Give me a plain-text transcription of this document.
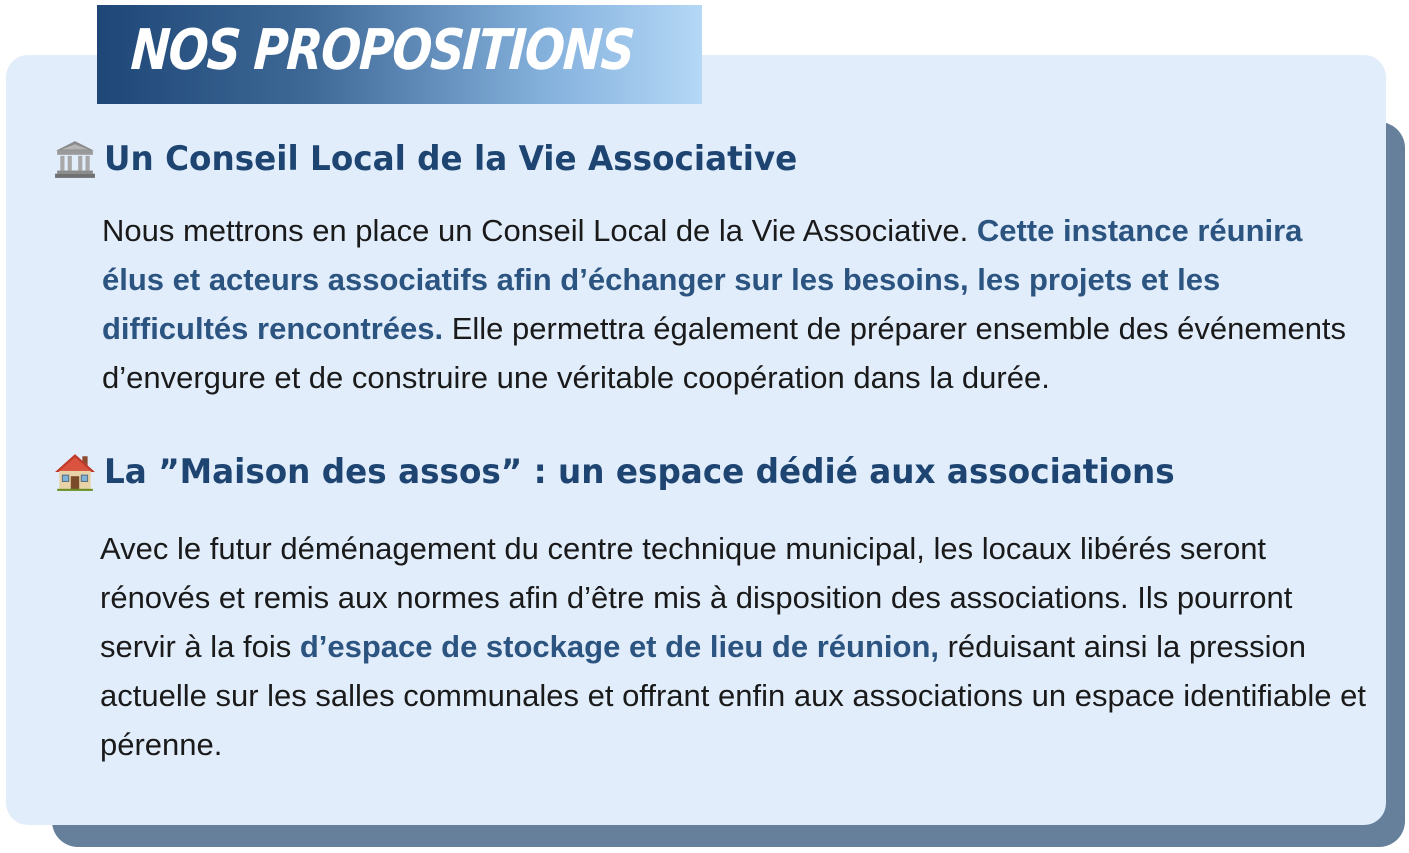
NOS PROPOSITIONS
Un Conseil Local de la Vie Associative

Nous mettrons en place un Conseil Local de la Vie Associative. Cette instance réunira élus et acteurs associatifs afin d’échanger sur les besoins, les projets et les difficultés rencontrées. Elle permettra également de préparer ensemble des événements d’envergure et de construire une véritable coopération dans la durée.

La ”Maison des assos” : un espace dédié aux associations

Avec le futur déménagement du centre technique municipal, les locaux libérés seront rénovés et remis aux normes afin d’être mis à disposition des associations. Ils pourront servir à la fois d’espace de stockage et de lieu de réunion, réduisant ainsi la pression actuelle sur les salles communales et offrant enfin aux associations un espace identifiable et pérenne.
